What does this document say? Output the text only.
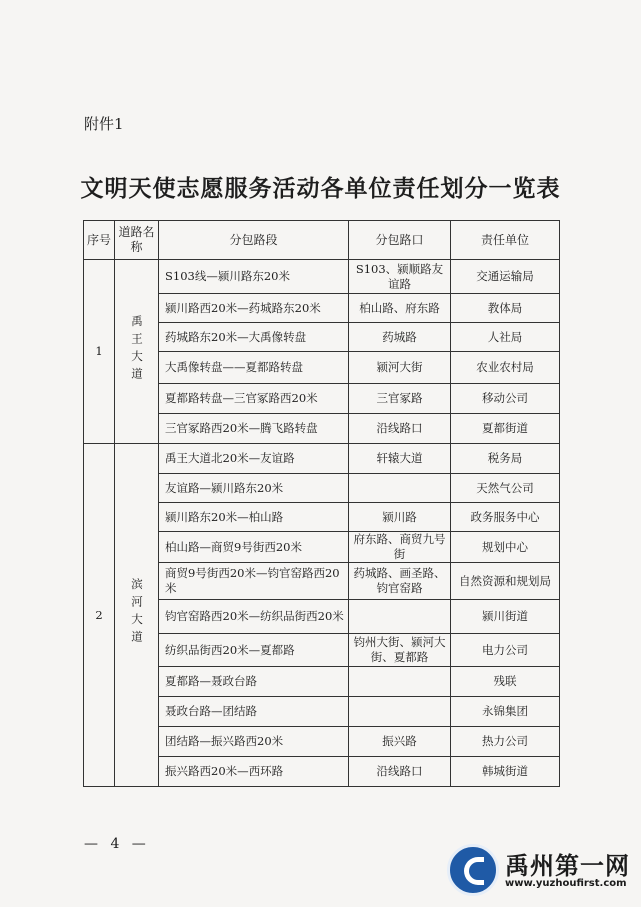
附件1
文明天使志愿服务活动各单位责任划分一览表
序号	道路名称	分包路段	分包路口	责任单位
1	禹王大道	S103线—颍川路东20米	S103、颍顺路友谊路	交通运输局
		颍川路西20米—药城路东20米	柏山路、府东路	教体局
		药城路东20米—大禹像转盘	药城路	人社局
		大禹像转盘——夏都路转盘	颍河大街	农业农村局
		夏都路转盘—三官冢路西20米	三官冢路	移动公司
		三官冢路西20米—腾飞路转盘	沿线路口	夏都街道
2	滨河大道	禹王大道北20米—友谊路	轩辕大道	税务局
		友谊路—颍川路东20米		天然气公司
		颍川路东20米—柏山路	颍川路	政务服务中心
		柏山路—商贸9号街西20米	府东路、商贸九号街	规划中心
		商贸9号街西20米—钧官窑路西20米	药城路、画圣路、钧官窑路	自然资源和规划局
		钧官窑路西20米—纺织品街西20米		颍川街道
		纺织品街西20米—夏都路	钧州大街、颍河大街、夏都路	电力公司
		夏都路—聂政台路		残联
		聂政台路—团结路		永锦集团
		团结路—振兴路西20米	振兴路	热力公司
		振兴路西20米—西环路	沿线路口	韩城街道
— 4 —
禹州第一网
www.yuzhoufirst.com
